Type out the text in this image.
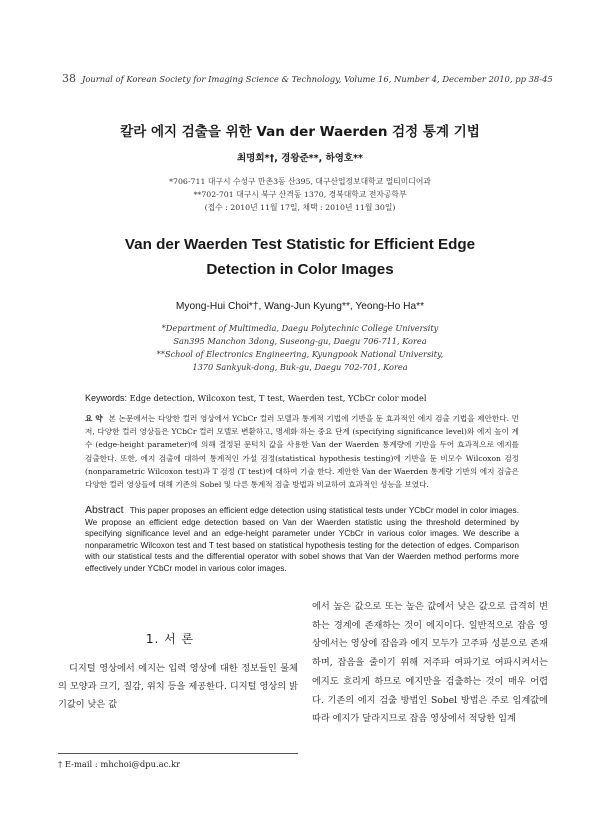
38 Journal of Korean Society for Imaging Science & Technology, Volume 16, Number 4, December 2010, pp 38-45
칼라 에지 검출을 위한 Van der Waerden 검정 통계 기법
최명희*†, 경왕준**, 하영호**
*706-711 대구시 수성구 만촌3동 산395, 대구산업정보대학교 멀티미디어과
**702-701 대구시 북구 산격동 1370, 경북대학교 전자공학부
(접수 : 2010년 11월 17일, 채택 : 2010년 11월 30일)
Van der Waerden Test Statistic for Efficient Edge
Detection in Color Images
Myong-Hui Choi*†, Wang-Jun Kyung**, Yeong-Ho Ha**
*Department of Multimedia, Daegu Polytechnic College University
San395 Manchon 3dong, Suseong-gu, Daegu 706-711, Korea
**School of Electronics Engineering, Kyungpook National University,
1370 Sankyuk-dong, Buk-gu, Daegu 702-701, Korea
Keywords: Edge detection, Wilcoxon test, T test, Waerden test, YCbCr color model
요 약 본 논문에서는 다양한 컬러 영상에서 YCbCr 컬러 모델과 통계적 기법에 기반을 둔 효과적인 에지 검출 기법을 제안한다. 먼저, 다양한 컬러 영상들은 YCbCr 컬러 모델로 변환하고, 명세화 하는 중요 단계 (specifying significance level)와 에지 높이 계수 (edge-height parameter)에 의해 결정된 문턱치 값을 사용한 Van der Waerden 통계량에 기반을 두어 효과적으로 에지를 검출한다. 또한, 에지 검출에 대하여 통계적인 가설 검정(statistical hypothesis testing)에 기반을 둔 비모수 Wilcoxon 검정 (nonparametric Wilcoxon test)과 T 검정 (T test)에 대하여 기술 한다. 제안한 Van der Waerden 통계량 기반의 에지 검출은 다양한 컬러 영상들에 대해 기존의 Sobel 및 다른 통계적 검출 방법과 비교하여 효과적인 성능을 보였다.
Abstract This paper proposes an efficient edge detection using statistical tests under YCbCr model in color images. We propose an efficient edge detection based on Van der Waerden statistic using the threshold determined by specifying significance level and an edge-height parameter under YCbCr in various color images. We describe a nonparametric Wilcoxon test and T test based on statistical hypothesis testing for the detection of edges. Comparison with our statistical tests and the differential operator with sobel shows that Van der Waerden method performs more effectively under YCbCr model in various color images.
1. 서 론
디지털 영상에서 에지는 입력 영상에 대한 정보들인 물체의 모양과 크기, 질감, 위치 등을 제공한다. 디지털 영상의 밝기값이 낮은 값
에서 높은 값으로 또는 높은 값에서 낮은 값으로 급격히 변하는 경계에 존재하는 것이 에지이다. 일반적으로 잡음 영상에서는 영상에 잡음과 에지 모두가 고주파 성분으로 존재하며, 잡음을 줄이기 위해 저주파 여파기로 여파시켜서는 에지도 흐리게 하므로 에지만을 검출하는 것이 매우 어렵다. 기존의 에지 검출 방법인 Sobel 방법은 주로 임계값에 따라 에지가 달라지므로 잡음 영상에서 적당한 임계
† E-mail : mhchoi@dpu.ac.kr
